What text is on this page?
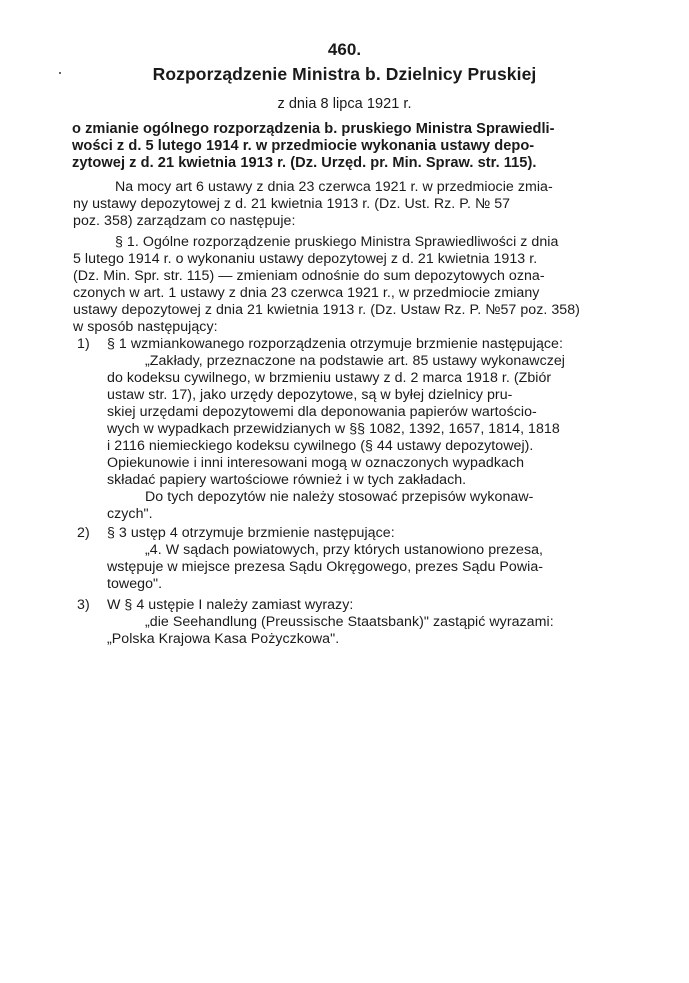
460.
Rozporządzenie Ministra b. Dzielnicy Pruskiej
z dnia 8 lipca 1921 r.
o zmianie ogólnego rozporządzenia b. pruskiego Ministra Sprawiedli-
wości z d. 5 lutego 1914 r. w przedmiocie wykonania ustawy depo-
zytowej z d. 21 kwietnia 1913 r. (Dz. Urzęd. pr. Min. Spraw. str. 115).
Na mocy art 6 ustawy z dnia 23 czerwca 1921 r. w przedmiocie zmia-
ny ustawy depozytowej z d. 21 kwietnia 1913 r. (Dz. Ust. Rz. P. № 57
poz. 358) zarządzam co następuje:
§ 1. Ogólne rozporządzenie pruskiego Ministra Sprawiedliwości z dnia
5 lutego 1914 r. o wykonaniu ustawy depozytowej z d. 21 kwietnia 1913 r.
(Dz. Min. Spr. str. 115) — zmieniam odnośnie do sum depozytowych ozna-
czonych w art. 1 ustawy z dnia 23 czerwca 1921 r., w przedmiocie zmiany
ustawy depozytowej z dnia 21 kwietnia 1913 r. (Dz. Ustaw Rz. P. №57 poz. 358)
w sposób następujący:
1) § 1 wzmiankowanego rozporządzenia otrzymuje brzmienie następujące:
„Zakłady, przeznaczone na podstawie art. 85 ustawy wykonawczej
do kodeksu cywilnego, w brzmieniu ustawy z d. 2 marca 1918 r. (Zbiór
ustaw str. 17), jako urzędy depozytowe, są w byłej dzielnicy pru-
skiej urzędami depozytowemi dla deponowania papierów wartościo-
wych w wypadkach przewidzianych w §§ 1082, 1392, 1657, 1814, 1818
i 2116 niemieckiego kodeksu cywilnego (§ 44 ustawy depozytowej).
Opiekunowie i inni interesowani mogą w oznaczonych wypadkach
składać papiery wartościowe również i w tych zakładach.
Do tych depozytów nie należy stosować przepisów wykonaw-
czych".
2) § 3 ustęp 4 otrzymuje brzmienie następujące:
„4. W sądach powiatowych, przy których ustanowiono prezesa,
wstępuje w miejsce prezesa Sądu Okręgowego, prezes Sądu Powia-
towego".
3) W § 4 ustępie I należy zamiast wyrazy:
„die Seehandlung (Preussische Staatsbank)" zastąpić wyrazami:
„Polska Krajowa Kasa Pożyczkowa".
